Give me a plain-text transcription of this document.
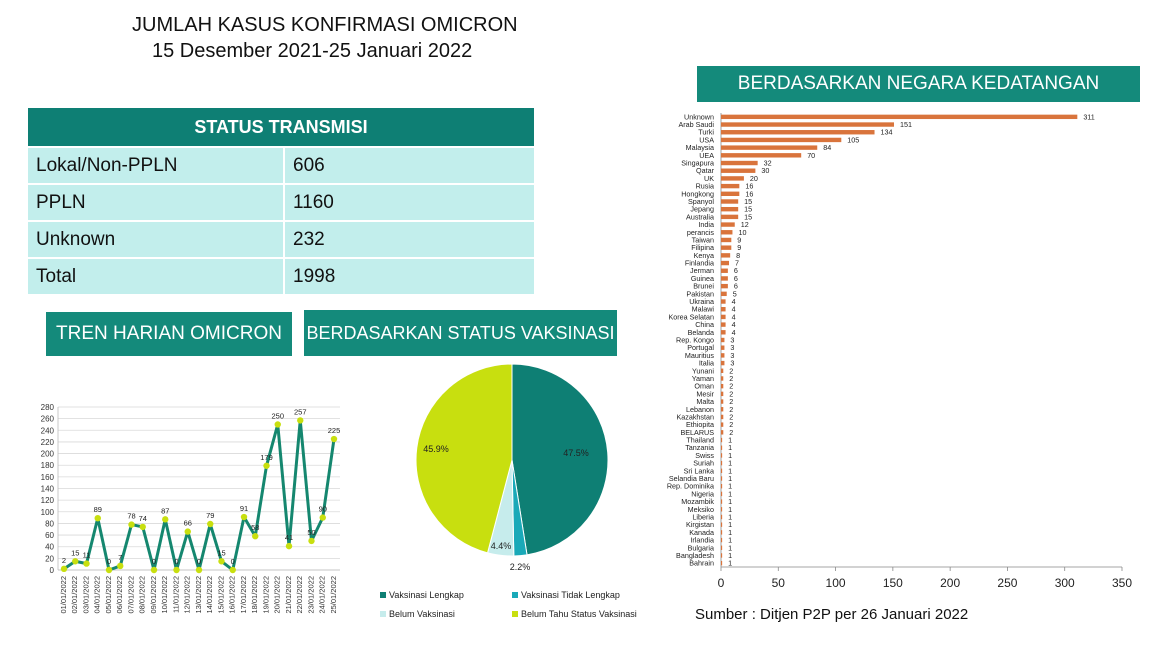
JUMLAH KASUS KONFIRMASI OMICRON
15 Desember 2021-25 Januari 2022
STATUS TRANSMISI	
Lokal/Non-PPLN	606
PPLN	1160
Unknown	232
Total	1998
TREN HARIAN OMICRON	BERDASARKAN STATUS VAKSINASI
BERDASARKAN NEGARA KEDATANGAN
0
20
40
60
80
100
120
140
160
180
200
220
240
260
280
01/01/2022 02/01/2022 03/01/2022 04/01/2022 05/01/2022 06/01/2022 07/01/2022 08/01/2022 09/01/2022 10/01/2022 11/01/2022 12/01/2022 13/01/2022 14/01/2022 15/01/2022 16/01/2022 17/01/2022 18/01/2022 19/01/2022 20/01/2022 21/01/2022 22/01/2022 23/01/2022 24/01/2022 25/01/2022
2
15 11
89
0 7
78 74
0
87
0
66
0
79
15
0
91
58
179
250
41
257
50
90
225
47.5%
2.2%
4.4%
45.9%
Vaksinasi Lengkap	Vaksinasi Tidak Lengkap
Belum Vaksinasi	Belum Tahu Status Vaksinasi
0	50	100	150	200	250	300	350
Unknown	311
Arab Saudi	151
Turki	134
USA	105
Malaysia	84
UEA	70
Singapura	32
Qatar	30
UK	20
Rusia	16
Hongkong	16
Spanyol	15
Jepang	15
Australia	15
India	12
perancis	10
Taiwan	9
Filipina	9
Kenya	8
Finlandia	7
Jerman	6
Guinea	6
Brunei	6
Pakistan	5
Ukraina 4
Malawi 4
Korea Selatan 4
China 4
Belanda 4
Rep. Kongo 3
Portugal 3
Mauritius 3
Italia 3
Yunani 2
Yaman 2
Oman 2
Mesir 2
Malta 2
Lebanon 2
Kazakhstan 2
Ethiopita 2
BELARUS 2
Thailand 1
Tanzania 1
Swiss 1
Suriah 1
Sri Lanka 1
Selandia Baru 1
Rep. Dominika 1
Nigeria 1
Mozambik 1
Meksiko 1
Liberia 1
Kirgistan 1
Kanada 1
Irlandia 1
Bulgaria 1
Bangladesh 1
Bahrain 1
Sumber : Ditjen P2P per 26 Januari 2022
